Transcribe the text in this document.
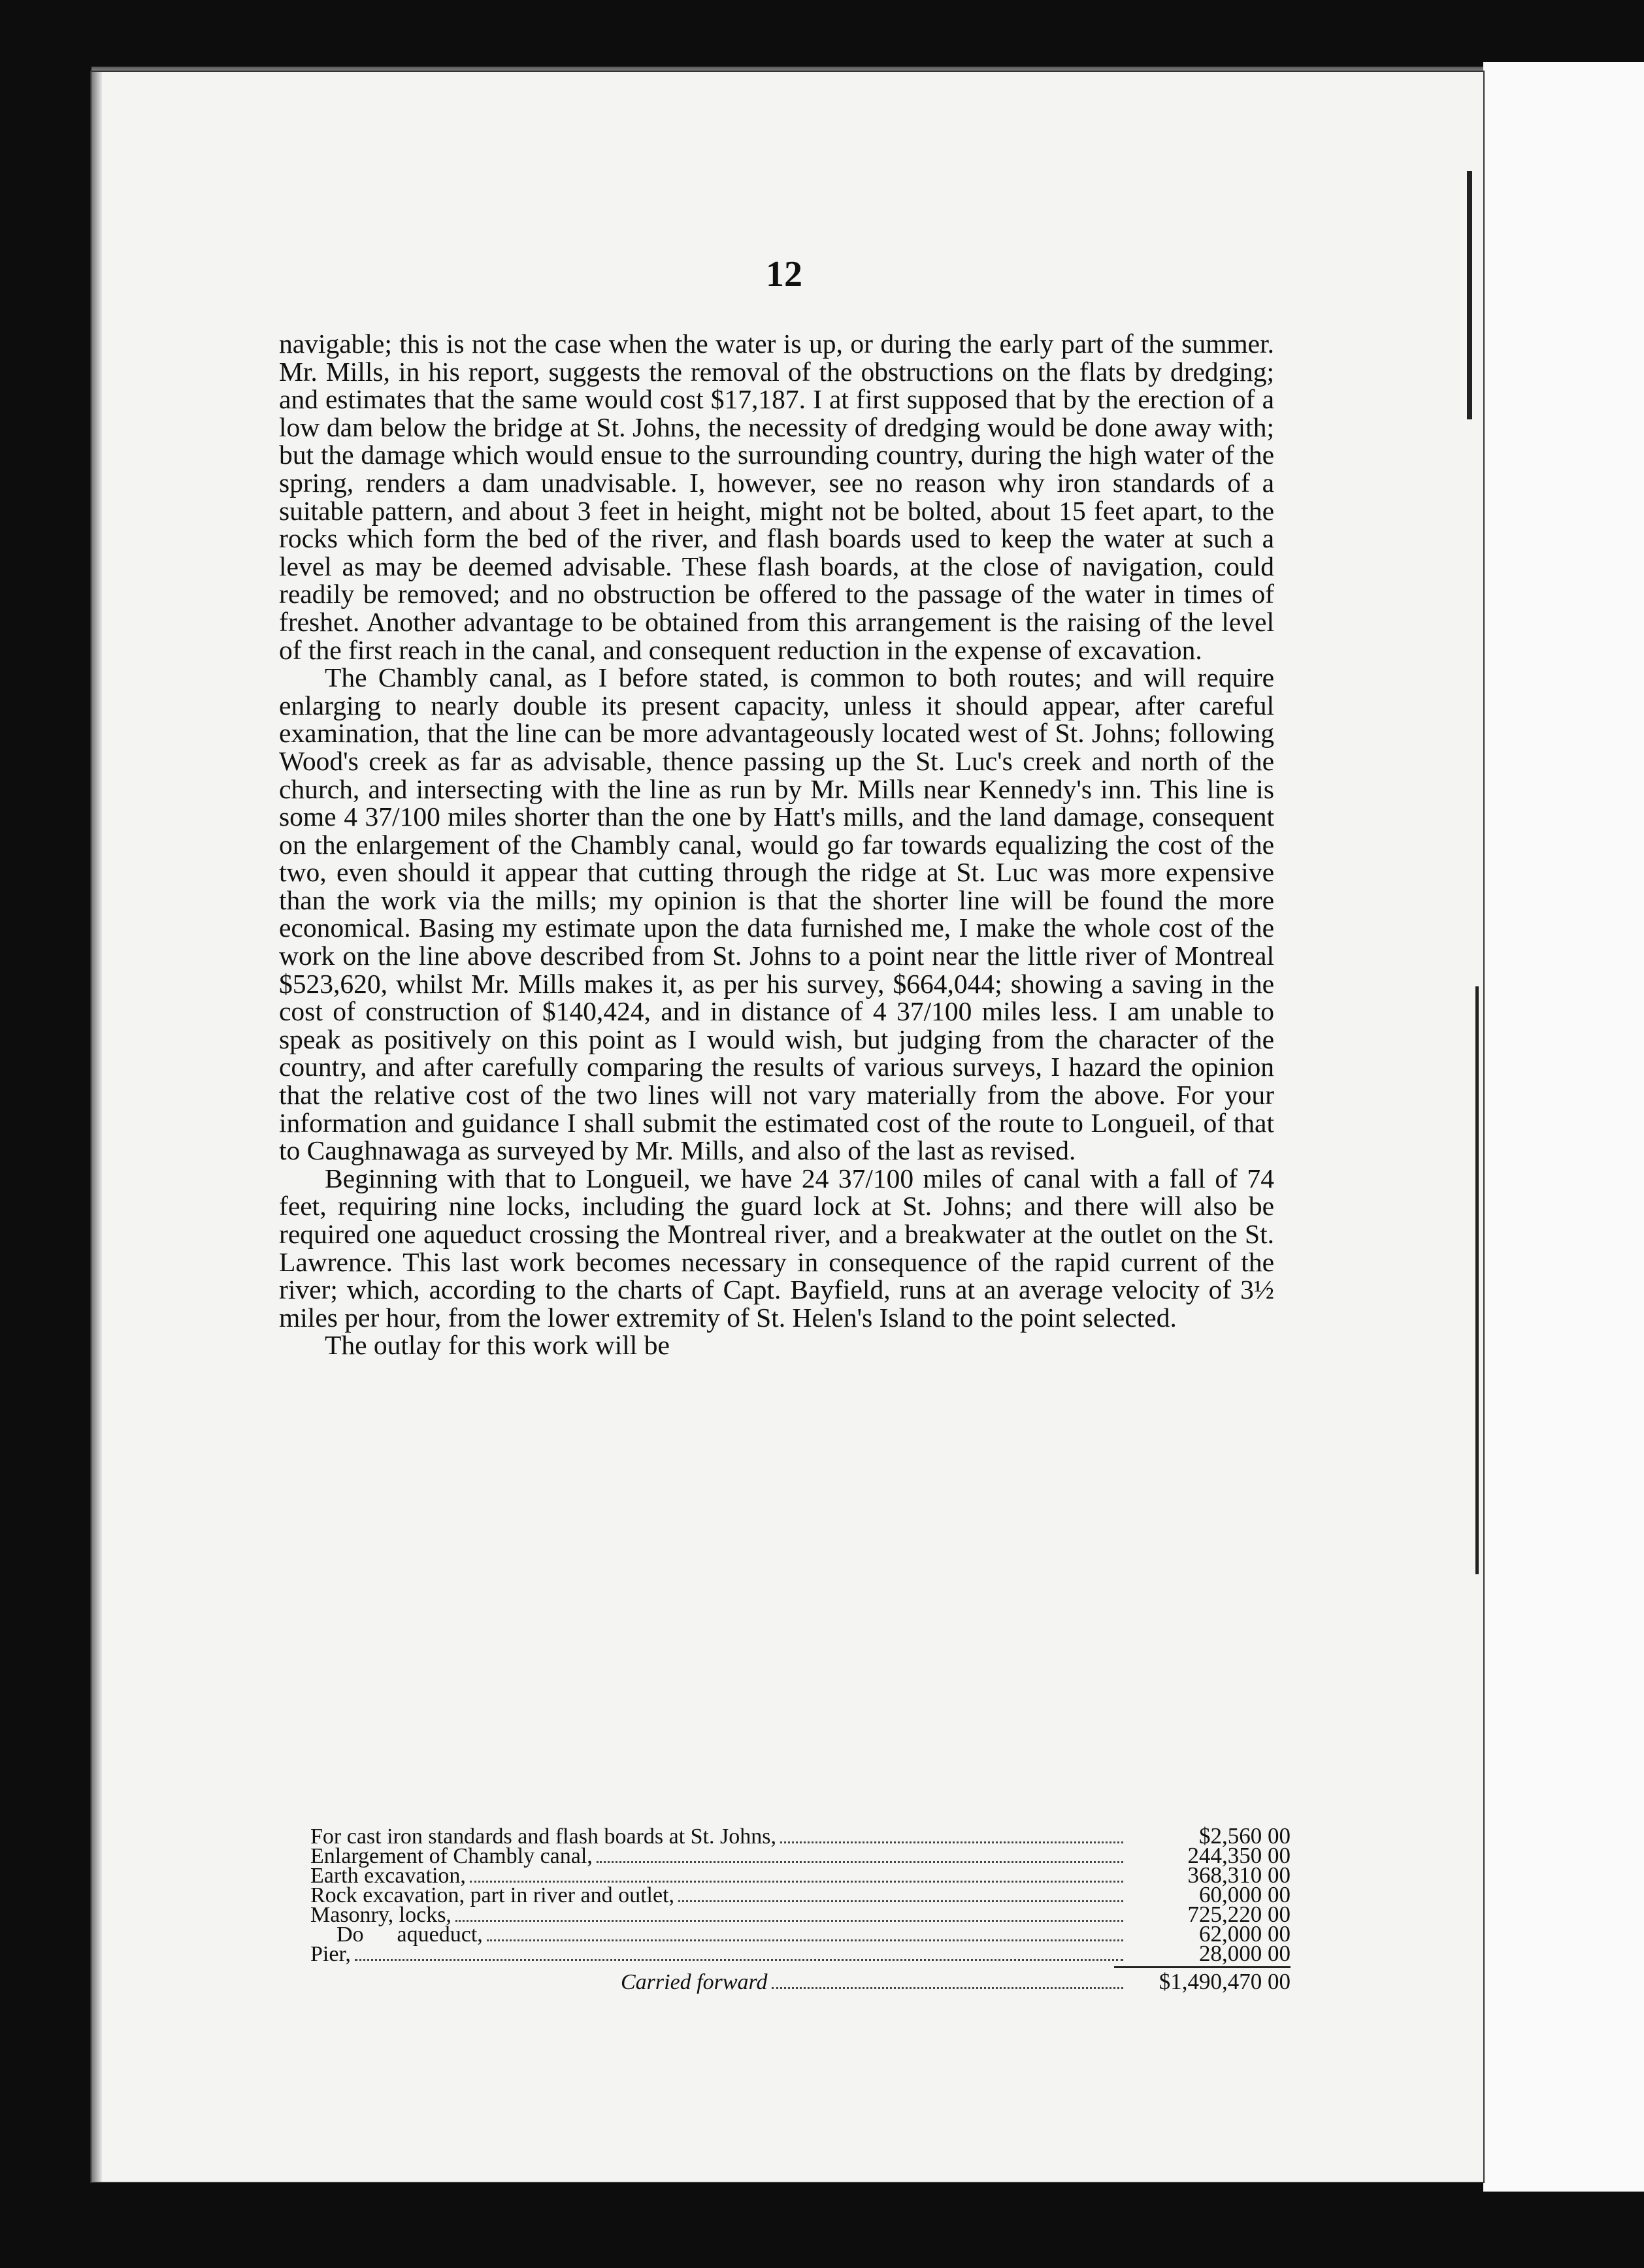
12

navigable; this is not the case when the water is up, or during the early part of the summer. Mr. Mills, in his report, suggests the removal of the obstructions on the flats by dredging; and estimates that the same would cost $17,187. I at first supposed that by the erection of a low dam below the bridge at St. Johns, the necessity of dredging would be done away with; but the damage which would ensue to the surrounding country, during the high water of the spring, renders a dam unadvisable. I, however, see no reason why iron standards of a suitable pattern, and about 3 feet in height, might not be bolted, about 15 feet apart, to the rocks which form the bed of the river, and flash boards used to keep the water at such a level as may be deemed advisable. These flash boards, at the close of navigation, could readily be removed; and no obstruction be offered to the passage of the water in times of freshet. Another advantage to be obtained from this arrangement is the raising of the level of the first reach in the canal, and consequent reduction in the expense of excavation.

The Chambly canal, as I before stated, is common to both routes; and will require enlarging to nearly double its present capacity, unless it should appear, after careful examination, that the line can be more advantageously located west of St. Johns; following Wood's creek as far as advisable, thence passing up the St. Luc's creek and north of the church, and intersecting with the line as run by Mr. Mills near Kennedy's inn. This line is some 4 37/100 miles shorter than the one by Hatt's mills, and the land damage, consequent on the enlargement of the Chambly canal, would go far towards equalizing the cost of the two, even should it appear that cutting through the ridge at St. Luc was more expensive than the work via the mills; my opinion is that the shorter line will be found the more economical. Basing my estimate upon the data furnished me, I make the whole cost of the work on the line above described from St. Johns to a point near the little river of Montreal $523,620, whilst Mr. Mills makes it, as per his survey, $664,044; showing a saving in the cost of construction of $140,424, and in distance of 4 37/100 miles less. I am unable to speak as positively on this point as I would wish, but judging from the character of the country, and after carefully comparing the results of various surveys, I hazard the opinion that the relative cost of the two lines will not vary materially from the above. For your information and guidance I shall submit the estimated cost of the route to Longueil, of that to Caughnawaga as surveyed by Mr. Mills, and also of the last as revised.

Beginning with that to Longueil, we have 24 37/100 miles of canal with a fall of 74 feet, requiring nine locks, including the guard lock at St. Johns; and there will also be required one aqueduct crossing the Montreal river, and a breakwater at the outlet on the St. Lawrence. This last work becomes necessary in consequence of the rapid current of the river; which, according to the charts of Capt. Bayfield, runs at an average velocity of 3½ miles per hour, from the lower extremity of St. Helen's Island to the point selected.

The outlay for this work will be

For cast iron standards and flash boards at St. Johns,	$2,560 00
Enlargement of Chambly canal,	244,350 00
Earth excavation,	368,310 00
Rock excavation, part in river and outlet,	60,000 00
Masonry, locks,	725,220 00
Do      aqueduct,	62,000 00
Pier,	28,000 00
Carried forward	$1,490,470 00
